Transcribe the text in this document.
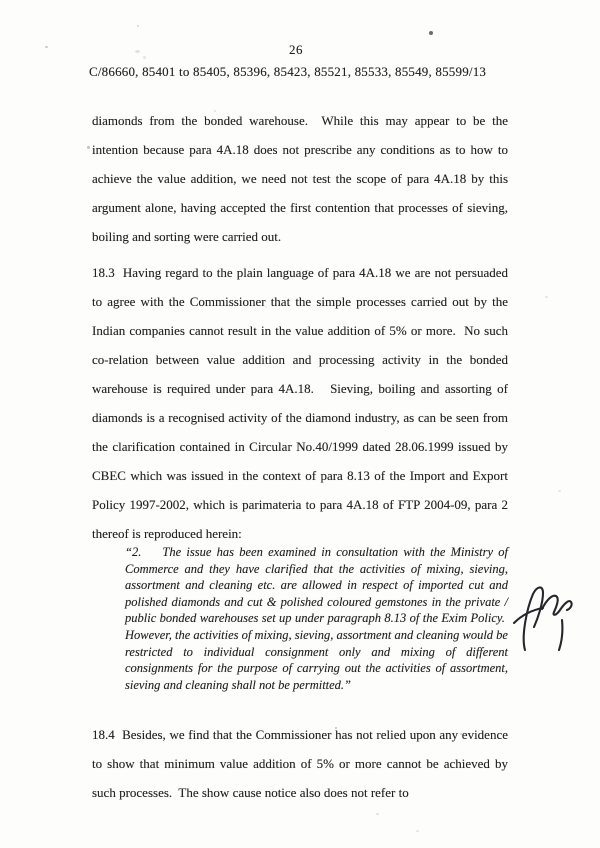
26
C/86660, 85401 to 85405, 85396, 85423, 85521, 85533, 85549, 85599/13

diamonds from the bonded warehouse.  While this may appear to be the intention because para 4A.18 does not prescribe any conditions as to how to achieve the value addition, we need not test the scope of para 4A.18 by this argument alone, having accepted the first contention that processes of sieving, boiling and sorting were carried out.

18.3  Having regard to the plain language of para 4A.18 we are not persuaded to agree with the Commissioner that the simple processes carried out by the Indian companies cannot result in the value addition of 5% or more.  No such co-relation between value addition and processing activity in the bonded warehouse is required under para 4A.18.   Sieving, boiling and assorting of diamonds is a recognised activity of the diamond industry, as can be seen from the clarification contained in Circular No.40/1999 dated 28.06.1999 issued by CBEC which was issued in the context of para 8.13 of the Import and Export Policy 1997-2002, which is parimateria to para 4A.18 of FTP 2004-09, para 2 thereof is reproduced herein:

“2.    The issue has been examined in consultation with the Ministry of Commerce and they have clarified that the activities of mixing, sieving, assortment and cleaning etc. are allowed in respect of imported cut and polished diamonds and cut & polished coloured gemstones in the private / public bonded warehouses set up under paragraph 8.13 of the Exim Policy.  However, the activities of mixing, sieving, assortment and cleaning would be restricted to individual consignment only and mixing of different consignments for the purpose of carrying out the activities of assortment, sieving and cleaning shall not be permitted.”

18.4  Besides, we find that the Commissioner has not relied upon any evidence to show that minimum value addition of 5% or more cannot be achieved by such processes.  The show cause notice also does not refer to
